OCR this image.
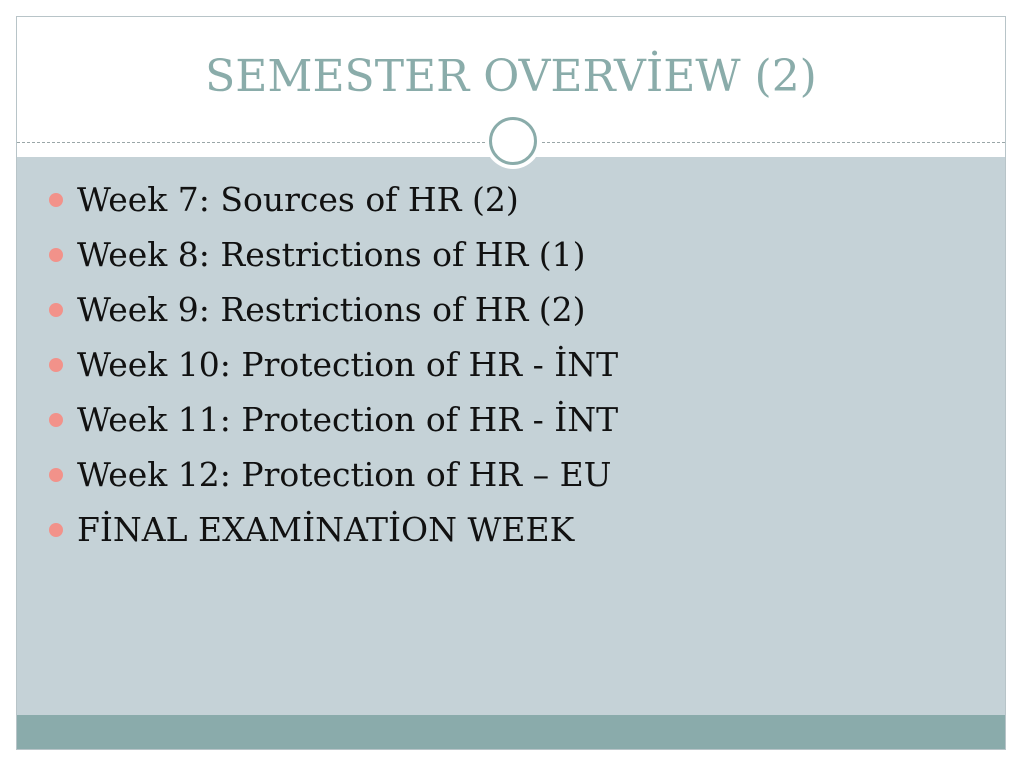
SEMESTER OVERVİEW (2)
Week 7: Sources of HR (2)
Week 8: Restrictions of HR (1)
Week 9: Restrictions of HR (2)
Week 10: Protection of HR - İNT
Week 11: Protection of HR - İNT
Week 12: Protection of HR – EU
FİNAL EXAMİNATİON WEEK
